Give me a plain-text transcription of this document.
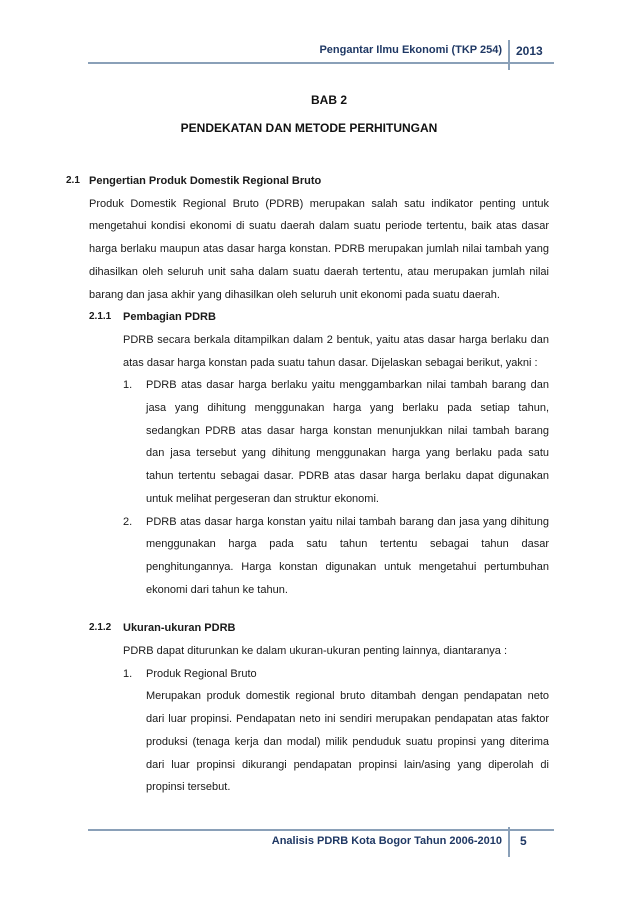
Pengantar Ilmu Ekonomi (TKP 254) 2013
BAB 2
PENDEKATAN DAN METODE PERHITUNGAN
2.1 Pengertian Produk Domestik Regional Bruto
Produk Domestik Regional Bruto (PDRB) merupakan salah satu indikator penting untuk mengetahui kondisi ekonomi di suatu daerah dalam suatu periode tertentu, baik atas dasar harga berlaku maupun atas dasar harga konstan. PDRB merupakan jumlah nilai tambah yang dihasilkan oleh seluruh unit saha dalam suatu daerah tertentu, atau merupakan jumlah nilai barang dan jasa akhir yang dihasilkan oleh seluruh unit ekonomi pada suatu daerah.
2.1.1	Pembagian PDRB
PDRB secara berkala ditampilkan dalam 2 bentuk, yaitu atas dasar harga berlaku dan atas dasar harga konstan pada suatu tahun dasar. Dijelaskan sebagai berikut, yakni :
1.	PDRB atas dasar harga berlaku yaitu menggambarkan nilai tambah barang dan jasa yang dihitung menggunakan harga yang berlaku pada setiap tahun, sedangkan PDRB atas dasar harga konstan menunjukkan nilai tambah barang dan jasa tersebut yang dihitung menggunakan harga yang berlaku pada satu tahun tertentu sebagai dasar. PDRB atas dasar harga berlaku dapat digunakan untuk melihat pergeseran dan struktur ekonomi.
2.	PDRB atas dasar harga konstan yaitu nilai tambah barang dan jasa yang dihitung menggunakan harga pada satu tahun tertentu sebagai tahun dasar penghitungannya. Harga konstan digunakan untuk mengetahui pertumbuhan ekonomi dari tahun ke tahun.
2.1.2	Ukuran-ukuran PDRB
PDRB dapat diturunkan ke dalam ukuran-ukuran penting lainnya, diantaranya :
1.	Produk Regional Bruto
Merupakan produk domestik regional bruto ditambah dengan pendapatan neto dari luar propinsi. Pendapatan neto ini sendiri merupakan pendapatan atas faktor produksi (tenaga kerja dan modal) milik penduduk suatu propinsi yang diterima dari luar propinsi dikurangi pendapatan propinsi lain/asing yang diperolah di propinsi tersebut.
Analisis PDRB Kota Bogor Tahun 2006-2010 5
